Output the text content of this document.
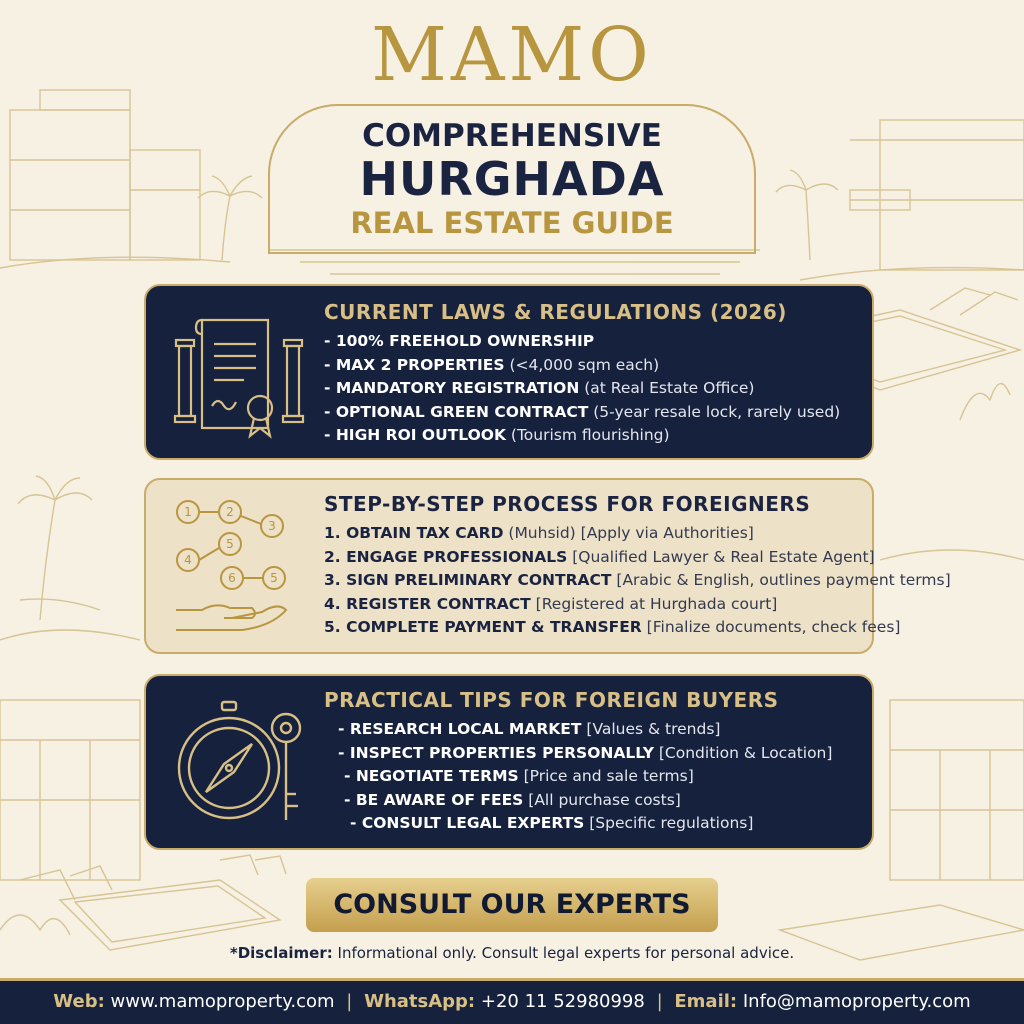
MAMO
COMPREHENSIVE
HURGHADA
REAL ESTATE GUIDE
CURRENT LAWS & REGULATIONS (2026)
- 100% FREEHOLD OWNERSHIP
- MAX 2 PROPERTIES (<4,000 sqm each)
- MANDATORY REGISTRATION (at Real Estate Office)
- OPTIONAL GREEN CONTRACT (5-year resale lock, rarely used)
- HIGH ROI OUTLOOK (Tourism flourishing)
1	2
3
5
4
6	5
STEP-BY-STEP PROCESS FOR FOREIGNERS
1. OBTAIN TAX CARD (Muhsid) [Apply via Authorities]
2. ENGAGE PROFESSIONALS [Qualified Lawyer & Real Estate Agent]
3. SIGN PRELIMINARY CONTRACT [Arabic & English, outlines payment terms]
4. REGISTER CONTRACT [Registered at Hurghada court]
5. COMPLETE PAYMENT & TRANSFER [Finalize documents, check fees]
PRACTICAL TIPS FOR FOREIGN BUYERS
- RESEARCH LOCAL MARKET [Values & trends]
- INSPECT PROPERTIES PERSONALLY [Condition & Location]
- NEGOTIATE TERMS [Price and sale terms]
- BE AWARE OF FEES [All purchase costs]
- CONSULT LEGAL EXPERTS [Specific regulations]
CONSULT OUR EXPERTS
*Disclaimer: Informational only. Consult legal experts for personal advice.
Web: www.mamoproperty.com | WhatsApp: +20 11 52980998 | Email: Info@mamoproperty.com
